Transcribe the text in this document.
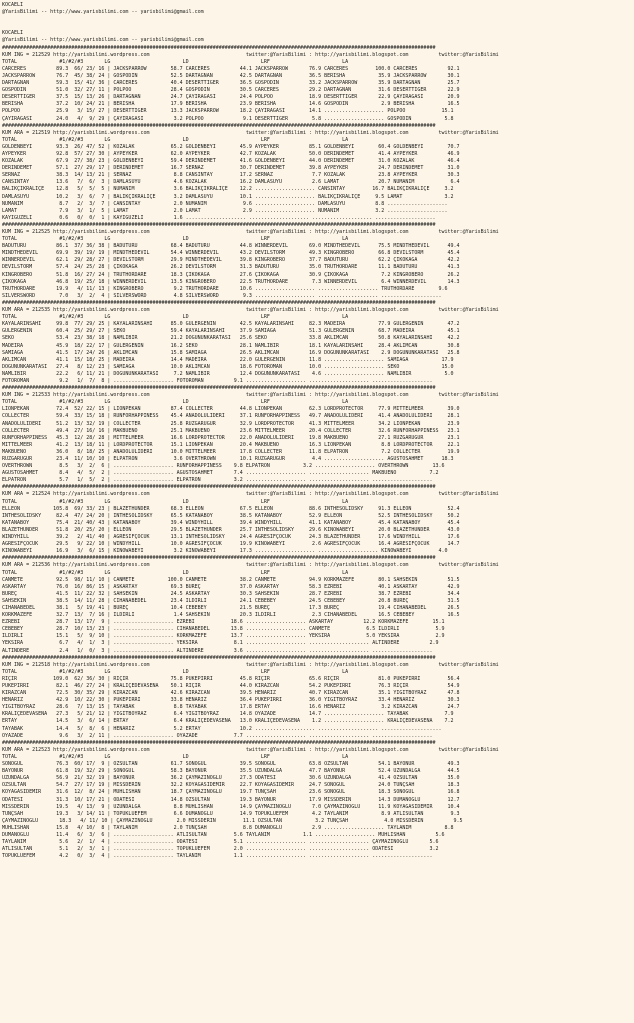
KOCAELI
@YarisBilimi -- http://www.yarisbilimi.com -- yarisbilimi@gmail.com
KOCAELI
@YarisBilimi -- http://www.yarisbilimi.com -- yarisbilimi@gmail.com
################################################################################################################################################
KUM ING = 212529 http://yarisbilimi.wordpress.com                                twitter:@YarisBilimi : http://yarisbilimi.blogspot.com          twitter:@YarisBilimi
TOTAL              #1/#2/#3       LG                        LD                        LRF                        LA
CARCERES          89.3  66/ 23/ 16 | JACKSPARROW        58.7 CARCERES          44.1 JACKSPARROW       76.9 CARCERES         100.0 CARCERES          92.1
JACKSPARROW       76.7  45/ 38/ 24 | GOSPODIN           52.5 DARTAGNAN         42.5 DARTAGNAN         36.5 BERISHA           35.9 JACKSPARROW       30.1
DARTAGNAN         59.3  15/ 41/ 36 | CARCERES           40.4 DESERTTIGER       36.5 GOSPODIN          33.2 JACKSPARROW       35.9 DARTAGNAN         25.7
GOSPODIN          51.0  32/ 27/ 11 | POLPOO             28.4 GOSPODIN          30.5 CARCERES          29.2 DARTAGNAN         31.6 DESERTTIGER       22.9
DESERTTIGER       37.5  15/ 13/ 26 | DARTAGNAN          24.7 ÇAYIRAGASI        24.4 POLPOO            18.9 DESERTTIGER       22.9 ÇAYIRAGASI        20.9
BERISHA           37.2  10/ 24/ 21 | BERISHA            17.9 BERISHA           23.9 BERISHA           14.6 GOSPODIN           2.9 BERISHA           16.5
POLPOO            25.9   3/ 15/ 27 | DESERTTIGER        13.3 JACKSPARROW       18.2 ÇAYIRAGASI        14.1 .................... POLPOO            15.1
ÇAYIRAGASI        24.0   4/  9/ 29 | ÇAYIRAGASI          3.2 POLPOO             9.1 DESERTTIGER        5.8 .................... GOSPODIN           5.8
################################################################################################################################################
KUM ARA = 212519 http://yarisbilimi.wordpress.com                                twitter:@YarisBilimi : http://yarisbilimi.blogspot.com          twitter:@YarisBilimi
TOTAL              #1/#2/#3       LG                        LD                        LRF                        LA
GOLDENBEYI        93.3  26/ 47/ 52 | KOZALAK            65.2 GOLDENBEYI        45.9 AYPEYKER          85.1 GOLDENBEYI        60.4 GOLDENBEYI        70.7
AYPEYKER          92.8  57/ 27/ 30 | AYPEYKER           62.0 AYPEYKER          42.7 KOZALAK           50.0 DERINDEMET        41.4 AYPEYKER          46.9
KOZALAK           67.9  27/ 38/ 23 | GOLDENBEYI         59.4 DERINDEMET        41.6 GOLDENBEYI        44.0 DERINDEMET        31.0 KOZALAK           46.4
DERINDEMET        57.1  27/ 29/ 17 | DERINDEMET         16.7 SERNAZ            30.7 DERINDEMET        39.8 AYPEYKER          24.7 DERINDEMET        31.0
SERNAZ            38.3  14/ 13/ 21 | SERNAZ              8.8 CANSINTAY         17.2 SERNAZ             7.7 KOZALAK           23.8 AYPEYKER          30.3
CANSINTAY         13.6   7/  6/  3 | DAMLASUYU           4.6 KOZALAK           16.2 DAMLASUYU          2.6 LAMAT             20.7 NUMANIM            6.4
BALIKÇIKRALİÇE    12.8   5/  5/  5 | NUMANIM             3.6 BALIKÇIKRALİÇE    12.2 .................... CANSINTAY         16.7 BALIKÇIKRALİÇE     3.2
DAMLASUYU         10.2   3/  6/  7 | BALIKÇIKRALİÇE      3.2 DAMLASUYU         10.1 .................... BALIKÇIKRALİÇE     9.5 LAMAT              3.2
NUMANIM            8.7   2/  3/  7 | CANSINTAY           2.0 NUMANIM            9.6 .................... DAMLASUYU          8.8 ....................
LAMAT              7.9   3/  1/  5 | LAMAT               2.0 LAMAT              2.9 .................... NUMANIM            3.2 ....................
KAYIGÜZELİ         0.6   0/  0/  1 | KAYIGÜZELİ          1.6 .................... .................... .................... ....................
################################################################################################################################################
KUM ING = 212525 http://yarisbilimi.wordpress.com                                twitter:@YarisBilimi : http://yarisbilimi.blogspot.com          twitter:@YarisBilimi
TOTAL              #1/#2/#3       LG                        LD                        LRF                        LA
BADUTURU          86.1  37/ 36/ 38 | BADUTURU           68.4 BADUTURU          44.8 WINNERDEVIL       69.0 MINDTHEDEVIL      75.5 MINDTHEDEVIL      49.4
MINDTHEDEVIL      69.9  39/ 19/ 19 | MINDTHEDEVIL       54.4 WINNERDEVIL       43.2 DEVILSTORM        49.3 KINGROBERO        66.8 DEVILSTORM        45.4
WINNERDEVIL       62.1  29/ 28/ 27 | DEVILSTORM         29.9 MINDTHEDEVIL      39.8 KINGROBERO        37.7 BADUTURU          62.2 ÇIKOKAGA          42.2
DEVILSTORM        57.4  24/ 25/ 28 | ÇIKOKAGA           26.2 DEVILSTORM        31.3 BADUTURU          35.0 TRUTHORDARE       11.1 BADUTURU          41.3
KINGROBERO        51.8  16/ 27/ 24 | TRUTHORDARE        18.3 ÇIKOKAGA          27.6 ÇIKOKAGA          30.9 ÇIKOKAGA           7.2 KINGROBERO        26.2
ÇIKOKAGA          46.8  19/ 25/ 18 | WINNERDEVIL        13.5 KINGROBERO        22.5 TRUTHORDARE        7.3 WINNERDEVIL        6.4 WINNERDEVIL       14.3
TRUTHORDARE       19.9   4/ 11/ 13 | KINGROBERO          9.2 TRUTHORDARE       10.6 .................... .................... TRUTHORDARE        9.6
SILVERSWORD        7.0   3/  2/  4 | SILVERSWORD         4.8 SILVERSWORD        9.3 .................... .................... ....................
################################################################################################################################################
KUM ARA = 212535 http://yarisbilimi.wordpress.com                                twitter:@YarisBilimi : http://yarisbilimi.blogspot.com          twitter:@YarisBilimi
TOTAL              #1/#2/#3       LG                        LD                        LRF                        LA
KAYALARINSAHI     99.8  77/ 29/ 25 | KAYALARINSAHI      85.0 GÜLERGENIN        42.5 KAYALARINSAHI     82.3 MADEIRA           77.9 GÜLERGENIN        47.2
GÜLERGENIN        60.4  25/ 29/ 27 | SEKO               59.4 KAYALARINSAHI     37.9 SAMIAGA           51.3 GÜLERGENIN        68.7 MADEIRA           45.1
SEKO              53.4  23/ 38/ 18 | NAMLIBIR           21.2 DOGUNUNKARATASI   25.6 SEKO              33.8 AKLIMCAN          50.8 KAYALARINSAHI     42.2
MADEIRA           45.9  18/ 22/ 17 | GÜLERGENIN         16.2 SEKO              28.1 NAMLIBIR          18.1 KAYALARINSAHI     28.4 AKLIMCAN          30.8
SAMIAGA           41.5  17/ 24/ 26 | AKLIMCAN           15.8 SAMIAGA           26.5 AKLIMCAN          16.9 DOGUNUNKARATASI    2.9 DOGUNUNKARATASI   25.8
AKLIMCAN          41.1  15/ 18/ 25 | MADEIRA            14.4 MADEIRA           22.0 GÜLERGENIN        11.8 .................... SAMIAGA           17.9
DOGUNUNKARATASI   27.4   8/ 12/ 23 | SAMIAGA            10.0 AKLIMCAN          18.6 FOTOROMAN         10.0 .................... SEKO              15.0
NAMLIBIR          22.2   6/ 11/ 21 | DOGUNUNKARATASI     7.2 NAMLIBIR          12.4 DOGUNUNKARATASI    4.6 .................... NAMLIBIR           5.0
FOTOROMAN          9.2   1/  7/  8 | .................... FOTOROMAN          9.1 .................... .................... ....................
################################################################################################################################################
KUM ING = 212533 http://yarisbilimi.wordpress.com                                twitter:@YarisBilimi : http://yarisbilimi.blogspot.com          twitter:@YarisBilimi
TOTAL              #1/#2/#3       LG                        LD                        LRF                        LA
LIONPEKAN         72.4  52/ 22/ 15 | LIONPEKAN          87.4 COLLECTER         44.8 LIONPEKAN         62.3 LORDPROTECTOR     77.9 MITTELMEER        39.0
COLLECTER         59.4  33/ 15/ 18 | RUNFORHAPPINESS    45.4 ANADOLULIDERI     37.1 RUNFORHAPPINESS   49.7 ANADOLULIDERI     41.4 ANADOLULIDERI     28.1
ANADOLULIDERI     51.2  13/ 32/ 19 | COLLECTER          25.8 RÜZGARUGUR        32.9 LORDPROTECTOR     41.3 MITTELMEER        34.2 LIONPEKAN         23.9
COLLECTER         49.4  27/ 16/ 16 | MAKBUENO           25.1 MAKBUENO          23.6 MITTELMEER        20.4 COLLECTER         32.6 RUNFORHAPPINESS   23.1
RUNFORHAPPINESS   45.3  12/ 28/ 28 | MITTELMEER         16.6 LORDPROTECTOR     22.0 ANADOLULIDERI     19.8 MAKBUENO          27.1 RÜZGARUGUR        23.1
MITTELMEER        41.2  13/ 18/ 11 | LORDPROTECTOR      15.1 LIONPEKAN         20.4 MAKBUENO          16.3 LIONPEKAN          8.8 LORDPROTECTOR     22.1
MAKBUENO          36.0   8/ 18/ 25 | ANADOLULIDERI      10.0 MITTELMEER        17.8 COLLECTER         11.8 ELPATRON           7.2 COLLECTER         19.9
RÜZGARUGUR        23.4  11/ 10/ 10 | ELPATRON            3.6 OVERTHROWN        10.1 RÜZGARUGUR         4.4 .................... AGUSTOSAHMET      18.3
OVERTHROWN         8.5   3/  2/  6 | .................... RUNFORHAPPINESS    9.8 ELPATRON           3.2 .................... OVERTHROWN        13.6
AGUSTOSAHMET       8.4   4/  5/  2 | .................... AGUSTOSAHMET       7.4 .................... .................... MAKBUENO           7.2
ELPATRON           5.7   1/  5/  2 | .................... ELPATRON           3.2 .................... .................... ....................
################################################################################################################################################
KUM ARA = 212524 http://yarisbilimi.wordpress.com                                twitter:@YarisBilimi : http://yarisbilimi.blogspot.com          twitter:@YarisBilimi
TOTAL              #1/#2/#3       LG                        LD                        LRF                        LA
ELLEON           105.8  69/ 33/ 23 | BLAZETHUNDER       68.3 ELLEON            67.5 ELLEON            88.6 INTHESOLIDSKY     91.3 ELLEON            52.4
INTHESOLIDSKY     82.4  47/ 24/ 20 | INTHESOLIDSKY      65.5 KATANABOY         38.5 KATANABOY         52.9 ELLEON            52.5 INTHESOLIDSKY     50.2
KATANABOY         75.4  21/ 40/ 43 | KATANABOY          39.4 WINDYHILL         39.4 WINDYHILL         41.1 KATANABOY         45.4 KATANABOY         45.4
BLAZETHUNDER      51.8  20/ 25/ 20 | ELLEON             29.5 BLAZETHUNDER      25.7 INTHESOLIDSKY     29.6 KINOWABEYI        20.0 BLAZETHUNDER      43.0
WINDYHILL         39.2   2/ 41/ 40 | AGRESIFÇOCUK       13.1 INTHESOLIDSKY     24.4 AGRESIFÇOCUK      24.3 BLAZETHUNDER      17.6 WINDYHILL         17.6
AGRESIFÇOCUK      29.5   9/ 22/ 10 | WINDYHILL          10.0 AGRESIFÇOCUK      19.9 KINOWABEYI         2.6 AGRESIFÇOCUK      16.4 AGRESIFÇOCUK      14.7
KINOWABEYI        16.9   3/  6/ 15 | KINOWABEYI          3.2 KINOWABEYI        17.3 .................... .................... KINOWABEYI         4.0
################################################################################################################################################
KUM ARA = 212536 http://yarisbilimi.wordpress.com                                twitter:@YarisBilimi : http://yarisbilimi.blogspot.com          twitter:@YarisBilimi
TOTAL              #1/#2/#3       LG                        LD                        LRF                        LA
CANMETE           92.5  98/ 11/ 10 | CANMETE           100.0 CANMETE           38.2 CANMETE           94.9 KORKMAZEFE        80.1 SAHSEKIN          51.5
ASKARTAY          76.0  16/ 86/ 15 | ASKARTAY           69.3 BÜREÇ             37.0 ASKARTAY          58.3 EZREBI            40.1 ASKARTAY          42.9
BÜREÇ             41.5  11/ 22/ 32 | SAHSEKIN           24.5 ASKARTAY          30.3 SAHSEKIN          28.7 EZREBI            38.7 EZREBI            34.4
SAHSEKIN          38.5  14/ 11/ 28 | CIHANABEDEL        23.4 ILDIRLI           24.1 CEBEBEY           24.5 CEBEBEY           20.8 BÜREÇ             31.5
CIHANABEDEL       38.1   5/ 19/ 41 | BÜREÇ              10.4 CEBEBEY           21.5 BÜREÇ             17.3 BÜREÇ             19.4 CIHANABEDEL       26.5
KORKMAZEFE        32.7  13/  7/ 16 | ILDIRLI             1.4 SAHSEKIN          20.3 ILDIRLI            2.3 CIHANABEDEL       16.5 CEBEBEY           16.5
EZREBI            28.7  13/ 17/  9 | .................... EZREBI            18.6 .................... ASKARTAY          12.2 KORKMAZEFE        15.1
CEBEBEY           28.7  10/ 13/ 23 | .................... CIHANABEDEL       13.8 .................... CANMETE            6.5 ILDIRLI            5.9
ILDIRLI           15.1   5/  9/ 10 | .................... KORKMAZEFE        13.7 .................... YEKSIRA            5.0 YEKSIRA            2.9
YEKSIRA            6.7   4/  1/  3 | .................... YEKSIRA            8.1 .................... .................... ALTINDERE          2.9
ALTINDERE          2.4   1/  0/  3 | .................... ALTINDERE          3.6 .................... .................... ....................
################################################################################################################################################
KUM ING = 212518 http://yarisbilimi.wordpress.com                                twitter:@YarisBilimi : http://yarisbilimi.blogspot.com          twitter:@YarisBilimi
TOTAL              #1/#2/#3       LG                        LD                        LRF                        LA
RIÇIR            109.0  62/ 36/ 30 | RIÇIR              75.8 PUKEPIRRI         45.8 RIÇIR             65.6 RIÇIR             81.0 PUKEPIRRI         56.4
PUKEPIRRI         82.1  46/ 27/ 24 | KRALİÇEDEVASENA    50.1 RIÇIR             44.0 KIRAZCAN          54.2 PUKEPIRRI         76.3 RIÇIR             54.9
KIRAZCAN          72.5  30/ 35/ 29 | KIRAZCAN           42.6 KIRAZCAN          39.5 HENARIZ           40.7 KIRAZCAN          35.1 YIGITBOYRAZ       47.8
HENARIZ           42.9  10/ 22/ 30 | PUKEPIRRI          33.8 HENARIZ           36.4 PUKEPIRRI         36.0 YIGITBOYRAZ       33.4 HENARIZ           30.3
YIGITBOYRAZ       28.6   7/ 13/ 15 | TAYABAK             8.8 TAYABAK           17.8 ERTAY             16.6 HENARIZ            3.2 KIRAZCAN          24.7
KRALİÇEDEVASENA   27.3   5/ 21/ 12 | YIGITBOYRAZ         6.4 YIGITBOYRAZ       14.8 OYAZADE           14.7 .................... TAYABAK            7.9
ERTAY             14.5   3/  6/ 14 | ERTAY               6.4 KRALİÇEDEVASENA   13.0 KRALİÇEDEVASENA    1.2 .................... KRALİÇEDEVASENA    7.2
TAYABAK           14.4   5/  8/  6 | HENARIZ             5.2 ERTAY             10.2 .................... .................... ....................
OYAZADE            9.6   3/  2/ 11 | .................... OYAZADE            7.7 .................... .................... ....................
################################################################################################################################################
KUM ARA = 212523 http://yarisbilimi.wordpress.com                                twitter:@YarisBilimi : http://yarisbilimi.blogspot.com          twitter:@YarisBilimi
TOTAL              #1/#2/#3       LG                        LD                        LRF                        LA
SONOGUL           76.3  60/ 17/  9 | ÖZSULTAN           61.7 SONOGUL           39.5 SONOGUL           63.8 ÖZSULTAN          54.1 BAYONUR           49.3
BAYONUR           61.8  19/ 32/ 29 | SONOGUL            58.3 BAYONUR           35.5 UZUNDALGA         47.7 BAYONUR           52.4 UZUNDALGA         44.5
UZUNDALGA         56.9  21/ 32/ 19 | BAYONUR            36.2 ÇAYMAZINOGLU      27.3 ODATESI           30.6 UZUNDALGA         41.4 ÖZSULTAN          35.0
ÖZSULTAN          54.7  27/ 17/ 19 | MISSDERIN          32.2 KÖYAGASIDEMIR     22.7 KÖYAGASIDEMIR     24.7 SONOGUL           24.0 TUNÇSAH           18.3
KÖYAGASIDEMIR     31.6  12/  8/ 24 | MUHLISHAN          18.7 ÇAYMAZINOGLU      19.7 TUNÇSAH           23.6 SONOGUL           18.3 SONOGUL           16.8
ODATESI           31.3  10/ 17/ 21 | ODATESI            14.8 ÖZSULTAN          19.3 BAYONUR           17.9 MISSDERIN         14.3 DUMANOGLU         12.7
MISSDERIN         19.5   4/ 13/  9 | UZUNDALGA           8.8 MUHLISHAN         14.9 ÇAYMAZINOGLU       7.0 ÇAYMAZINOGLU      11.9 KÖYAGASIDEMIR     10.4
TUNÇSAH           19.3   3/ 14/ 11 | TOPUKLUEFEM         6.6 DUMANOGLU         14.9 TOPUKLUEFEM        4.2 TAYLANIM           8.9 ATLISULTAN         9.3
ÇAYMAZINOGLU       18.3   4/ 11/ 10 | ÇAYMAZINOGLU        2.0 MISSDERIN         11.1 ÖZSULTAN           3.2 TUNÇSAH            4.0 MISSDERIN          9.5
MUHLISHAN         15.8   4/ 10/  8 | TAYLANIM            2.0 TUNÇSAH            8.8 DUMANOGLU          2.9 .................... TAYLANIM           8.8
DUMANOGLU         11.4   6/  3/  6 | .................... ATLISULTAN         5.6 TAYLANIM           1.1 .................... MUHLISHAN          5.6
TAYLANIM           5.6   2/  1/  4 | .................... ODATESI            5.1 .................... .................... ÇAYMAZINOGLU       5.6
ATLISULTAN         5.1   2/  3/  1 | .................... TOPUKLUEFEM        2.0 .................... .................... ODATESI            3.2
TOPUKLUEFEM        4.2   0/  3/  4 | .................... TAYLANIM           1.1 .................... .................... ....................
